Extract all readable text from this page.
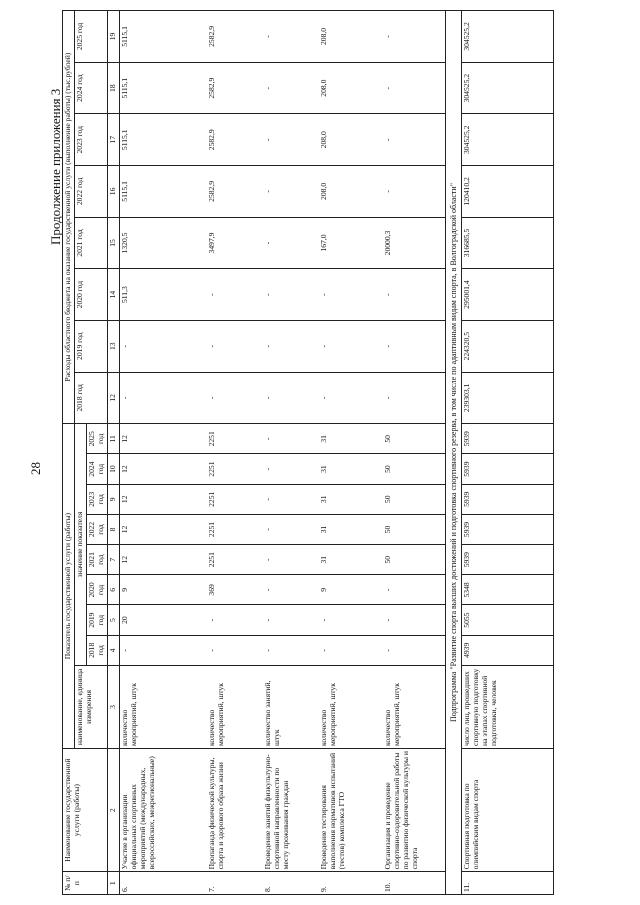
28
Продолжение приложения 3
№ п/п	Наименование государственной услуги (работы)	Показатель государственной услуги (работы)									Расходы областного бюджета на оказание государственной услуги (выполнение работы) (тыс.рублей)							
		наименование, единица измерения	значение показателя								2018 год	2019 год	2020 год	2021 год	2022 год	2023 год	2024 год	2025 год
			2018 год	2019 год	2020 год	2021 год	2022 год	2023 год	2024 год	2025 год								
1	2	3	4	5	6	7	8	9	10	11	12	13	14	15	16	17	18	19
6.	Участие в организации официальных спортивных мероприятий (международных, всероссийских, межрегиональные)	количество мероприятий, штук	-	20	9	12	12	12	12	12	-	-	511,3	1320,5	5115,1	5115,1	5115,1	5115,1
7.	Пропаганда физической культуры, спорта и здорового образа жизни	количество мероприятий, штук	-	-	369	2251	2251	2251	2251	2251	-	-	-	3497,9	2582,9	2582,9	2582,9	2582,9
8.	Проведение занятий физкультурно-спортивной направленности по месту проживания граждан	количество занятий, штук	-	-	-	-	-	-	-	-	-	-	-	-	-	-	-	-
9.	Проведение тестирования выполнения нормативов испытаний (тестов) комплекса ГТО	количество мероприятий, штук	-	-	9	31	31	31	31	31	-	-	-	167,0	208,0	208,0	208,0	208,0
10.	Организация и проведение спортивно-оздоровительной работы по развитию физической культуры и спорта	количество мероприятий, штук	-	-	-	50	50	50	50	50	-	-	-	20000,3	-	-	-	-
Подпрограмма "Развитие спорта высших достижений и подготовка спортивного резерва, в том числе по адаптивным видам спорта, в Волгоградской области"																		
11.	Спортивная подготовка по олимпийским видам спорта	число лиц, прошедших спортивную подготовку на этапах спортивной подготовки, человек	4939	5055	5348	5939	5939	5939	5939	5939	239303,1	224320,5	295001,4	316685,5	120410,2	304525,2	304525,2	304525,2
